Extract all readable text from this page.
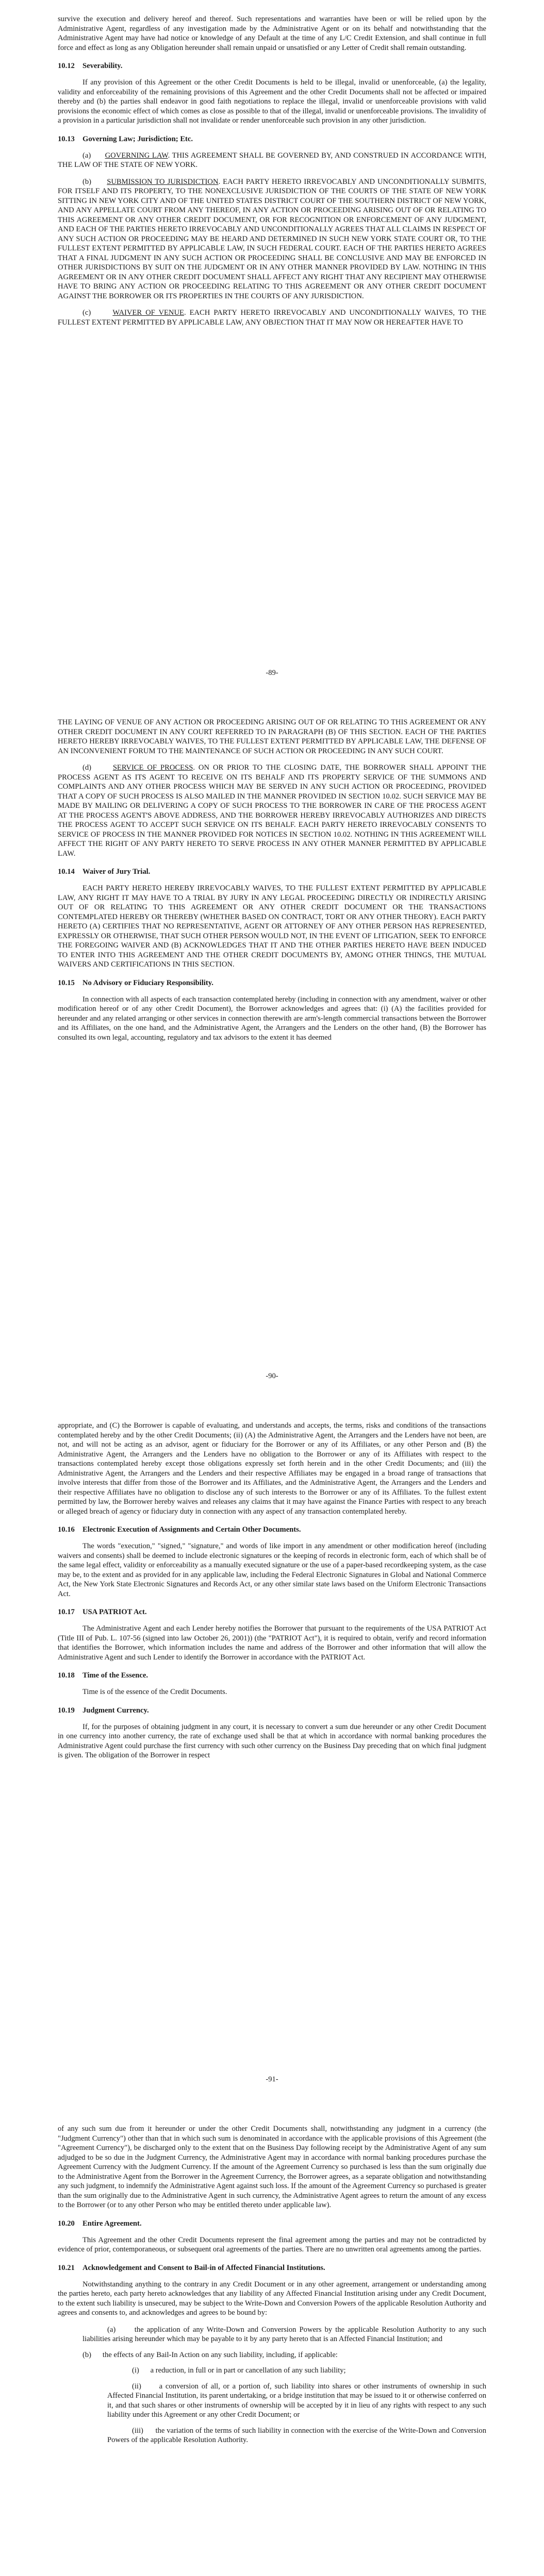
survive the execution and delivery hereof and thereof. Such representations and warranties have been or will be relied upon by the Administrative Agent, regardless of any investigation made by the Administrative Agent or on its behalf and notwithstanding that the Administrative Agent may have had notice or knowledge of any Default at the time of any L/C Credit Extension, and shall continue in full force and effect as long as any Obligation hereunder shall remain unpaid or unsatisfied or any Letter of Credit shall remain outstanding.

10.12 Severability.

If any provision of this Agreement or the other Credit Documents is held to be illegal, invalid or unenforceable, (a) the legality, validity and enforceability of the remaining provisions of this Agreement and the other Credit Documents shall not be affected or impaired thereby and (b) the parties shall endeavor in good faith negotiations to replace the illegal, invalid or unenforceable provisions with valid provisions the economic effect of which comes as close as possible to that of the illegal, invalid or unenforceable provisions. The invalidity of a provision in a particular jurisdiction shall not invalidate or render unenforceable such provision in any other jurisdiction.

10.13 Governing Law; Jurisdiction; Etc.

(a) GOVERNING LAW. THIS AGREEMENT SHALL BE GOVERNED BY, AND CONSTRUED IN ACCORDANCE WITH, THE LAW OF THE STATE OF NEW YORK.

(b) SUBMISSION TO JURISDICTION. EACH PARTY HERETO IRREVOCABLY AND UNCONDITIONALLY SUBMITS, FOR ITSELF AND ITS PROPERTY, TO THE NONEXCLUSIVE JURISDICTION OF THE COURTS OF THE STATE OF NEW YORK SITTING IN NEW YORK CITY AND OF THE UNITED STATES DISTRICT COURT OF THE SOUTHERN DISTRICT OF NEW YORK, AND ANY APPELLATE COURT FROM ANY THEREOF, IN ANY ACTION OR PROCEEDING ARISING OUT OF OR RELATING TO THIS AGREEMENT OR ANY OTHER CREDIT DOCUMENT, OR FOR RECOGNITION OR ENFORCEMENT OF ANY JUDGMENT, AND EACH OF THE PARTIES HERETO IRREVOCABLY AND UNCONDITIONALLY AGREES THAT ALL CLAIMS IN RESPECT OF ANY SUCH ACTION OR PROCEEDING MAY BE HEARD AND DETERMINED IN SUCH NEW YORK STATE COURT OR, TO THE FULLEST EXTENT PERMITTED BY APPLICABLE LAW, IN SUCH FEDERAL COURT. EACH OF THE PARTIES HERETO AGREES THAT A FINAL JUDGMENT IN ANY SUCH ACTION OR PROCEEDING SHALL BE CONCLUSIVE AND MAY BE ENFORCED IN OTHER JURISDICTIONS BY SUIT ON THE JUDGMENT OR IN ANY OTHER MANNER PROVIDED BY LAW. NOTHING IN THIS AGREEMENT OR IN ANY OTHER CREDIT DOCUMENT SHALL AFFECT ANY RIGHT THAT ANY RECIPIENT MAY OTHERWISE HAVE TO BRING ANY ACTION OR PROCEEDING RELATING TO THIS AGREEMENT OR ANY OTHER CREDIT DOCUMENT AGAINST THE BORROWER OR ITS PROPERTIES IN THE COURTS OF ANY JURISDICTION.

(c)	WAIVER OF VENUE. EACH PARTY HERETO IRREVOCABLY AND UNCONDITIONALLY WAIVES, TO THE FULLEST EXTENT PERMITTED BY APPLICABLE LAW, ANY OBJECTION THAT IT MAY NOW OR HEREAFTER HAVE TO

-89-

THE LAYING OF VENUE OF ANY ACTION OR PROCEEDING ARISING OUT OF OR RELATING TO THIS AGREEMENT OR ANY OTHER CREDIT DOCUMENT IN ANY COURT REFERRED TO IN PARAGRAPH (B) OF THIS SECTION. EACH OF THE PARTIES HERETO HEREBY IRREVOCABLY WAIVES, TO THE FULLEST EXTENT PERMITTED BY APPLICABLE LAW, THE DEFENSE OF AN INCONVENIENT FORUM TO THE MAINTENANCE OF SUCH ACTION OR PROCEEDING IN ANY SUCH COURT.

(d)	SERVICE OF PROCESS. ON OR PRIOR TO THE CLOSING DATE, THE BORROWER SHALL APPOINT THE PROCESS AGENT AS ITS AGENT TO RECEIVE ON ITS BEHALF AND ITS PROPERTY SERVICE OF THE SUMMONS AND COMPLAINTS AND ANY OTHER PROCESS WHICH MAY BE SERVED IN ANY SUCH ACTION OR PROCEEDING, PROVIDED THAT A COPY OF SUCH PROCESS IS ALSO MAILED IN THE MANNER PROVIDED IN SECTION 10.02. SUCH SERVICE MAY BE MADE BY MAILING OR DELIVERING A COPY OF SUCH PROCESS TO THE BORROWER IN CARE OF THE PROCESS AGENT AT THE PROCESS AGENT'S ABOVE ADDRESS, AND THE BORROWER HEREBY IRREVOCABLY AUTHORIZES AND DIRECTS THE PROCESS AGENT TO ACCEPT SUCH SERVICE ON ITS BEHALF. EACH PARTY HERETO IRREVOCABLY CONSENTS TO SERVICE OF PROCESS IN THE MANNER PROVIDED FOR NOTICES IN SECTION 10.02. NOTHING IN THIS AGREEMENT WILL AFFECT THE RIGHT OF ANY PARTY HERETO TO SERVE PROCESS IN ANY OTHER MANNER PERMITTED BY APPLICABLE LAW.

10.14 Waiver of Jury Trial.

EACH PARTY HERETO HEREBY IRREVOCABLY WAIVES, TO THE FULLEST EXTENT PERMITTED BY APPLICABLE LAW, ANY RIGHT IT MAY HAVE TO A TRIAL BY JURY IN ANY LEGAL PROCEEDING DIRECTLY OR INDIRECTLY ARISING OUT OF OR RELATING TO THIS AGREEMENT OR ANY OTHER CREDIT DOCUMENT OR THE TRANSACTIONS CONTEMPLATED HEREBY OR THEREBY (WHETHER BASED ON CONTRACT, TORT OR ANY OTHER THEORY). EACH PARTY HERETO (A) CERTIFIES THAT NO REPRESENTATIVE, AGENT OR ATTORNEY OF ANY OTHER PERSON HAS REPRESENTED, EXPRESSLY OR OTHERWISE, THAT SUCH OTHER PERSON WOULD NOT, IN THE EVENT OF LITIGATION, SEEK TO ENFORCE THE FOREGOING WAIVER AND (B) ACKNOWLEDGES THAT IT AND THE OTHER PARTIES HERETO HAVE BEEN INDUCED TO ENTER INTO THIS AGREEMENT AND THE OTHER CREDIT DOCUMENTS BY, AMONG OTHER THINGS, THE MUTUAL WAIVERS AND CERTIFICATIONS IN THIS SECTION.

10.15 No Advisory or Fiduciary Responsibility.

In connection with all aspects of each transaction contemplated hereby (including in connection with any amendment, waiver or other modification hereof or of any other Credit Document), the Borrower acknowledges and agrees that: (i) (A) the facilities provided for hereunder and any related arranging or other services in connection therewith are arm's-length commercial transactions between the Borrower and its Affiliates, on the one hand, and the Administrative Agent, the Arrangers and the Lenders on the other hand, (B) the Borrower has consulted its own legal, accounting, regulatory and tax advisors to the extent it has deemed

-90-

appropriate, and (C) the Borrower is capable of evaluating, and understands and accepts, the terms, risks and conditions of the transactions contemplated hereby and by the other Credit Documents; (ii) (A) the Administrative Agent, the Arrangers and the Lenders have not been, are not, and will not be acting as an advisor, agent or fiduciary for the Borrower or any of its Affiliates, or any other Person and (B) the Administrative Agent, the Arrangers and the Lenders have no obligation to the Borrower or any of its Affiliates with respect to the transactions contemplated hereby except those obligations expressly set forth herein and in the other Credit Documents; and (iii) the Administrative Agent, the Arrangers and the Lenders and their respective Affiliates may be engaged in a broad range of transactions that involve interests that differ from those of the Borrower and its Affiliates, and the Administrative Agent, the Arrangers and the Lenders and their respective Affiliates have no obligation to disclose any of such interests to the Borrower or any of its Affiliates. To the fullest extent permitted by law, the Borrower hereby waives and releases any claims that it may have against the Finance Parties with respect to any breach or alleged breach of agency or fiduciary duty in connection with any aspect of any transaction contemplated hereby.

10.16 Electronic Execution of Assignments and Certain Other Documents.

The words "execution," "signed," "signature," and words of like import in any amendment or other modification hereof (including waivers and consents) shall be deemed to include electronic signatures or the keeping of records in electronic form, each of which shall be of the same legal effect, validity or enforceability as a manually executed signature or the use of a paper-based recordkeeping system, as the case may be, to the extent and as provided for in any applicable law, including the Federal Electronic Signatures in Global and National Commerce Act, the New York State Electronic Signatures and Records Act, or any other similar state laws based on the Uniform Electronic Transactions Act.

10.17 USA PATRIOT Act.

The Administrative Agent and each Lender hereby notifies the Borrower that pursuant to the requirements of the USA PATRIOT Act (Title III of Pub. L. 107-56 (signed into law October 26, 2001)) (the "PATRIOT Act"), it is required to obtain, verify and record information that identifies the Borrower, which information includes the name and address of the Borrower and other information that will allow the Administrative Agent and such Lender to identify the Borrower in accordance with the PATRIOT Act.

10.18 Time of the Essence.

Time is of the essence of the Credit Documents.

10.19 Judgment Currency.

If, for the purposes of obtaining judgment in any court, it is necessary to convert a sum due hereunder or any other Credit Document in one currency into another currency, the rate of exchange used shall be that at which in accordance with normal banking procedures the Administrative Agent could purchase the first currency with such other currency on the Business Day preceding that on which final judgment is given. The obligation of the Borrower in respect

-91-

of any such sum due from it hereunder or under the other Credit Documents shall, notwithstanding any judgment in a currency (the "Judgment Currency") other than that in which such sum is denominated in accordance with the applicable provisions of this Agreement (the "Agreement Currency"), be discharged only to the extent that on the Business Day following receipt by the Administrative Agent of any sum adjudged to be so due in the Judgment Currency, the Administrative Agent may in accordance with normal banking procedures purchase the Agreement Currency with the Judgment Currency. If the amount of the Agreement Currency so purchased is less than the sum originally due to the Administrative Agent from the Borrower in the Agreement Currency, the Borrower agrees, as a separate obligation and notwithstanding any such judgment, to indemnify the Administrative Agent against such loss. If the amount of the Agreement Currency so purchased is greater than the sum originally due to the Administrative Agent in such currency, the Administrative Agent agrees to return the amount of any excess to the Borrower (or to any other Person who may be entitled thereto under applicable law).

10.20 Entire Agreement.

This Agreement and the other Credit Documents represent the final agreement among the parties and may not be contradicted by evidence of prior, contemporaneous, or subsequent oral agreements of the parties. There are no unwritten oral agreements among the parties.

10.21 Acknowledgement and Consent to Bail-in of Affected Financial Institutions.

Notwithstanding anything to the contrary in any Credit Document or in any other agreement, arrangement or understanding among the parties hereto, each party hereto acknowledges that any liability of any Affected Financial Institution arising under any Credit Document, to the extent such liability is unsecured, may be subject to the Write-Down and Conversion Powers of the applicable Resolution Authority and agrees and consents to, and acknowledges and agrees to be bound by:

(a)	the application of any Write-Down and Conversion Powers by the applicable Resolution Authority to any such liabilities arising hereunder which may be payable to it by any party hereto that is an Affected Financial Institution; and

(b) the effects of any Bail-In Action on any such liability, including, if applicable:

(i) a reduction, in full or in part or cancellation of any such liability;

(ii) a conversion of all, or a portion of, such liability into shares or other instruments of ownership in such Affected Financial Institution, its parent undertaking, or a bridge institution that may be issued to it or otherwise conferred on it, and that such shares or other instruments of ownership will be accepted by it in lieu of any rights with respect to any such liability under this Agreement or any other Credit Document; or

(iii) the variation of the terms of such liability in connection with the exercise of the Write-Down and Conversion Powers of the applicable Resolution Authority.
